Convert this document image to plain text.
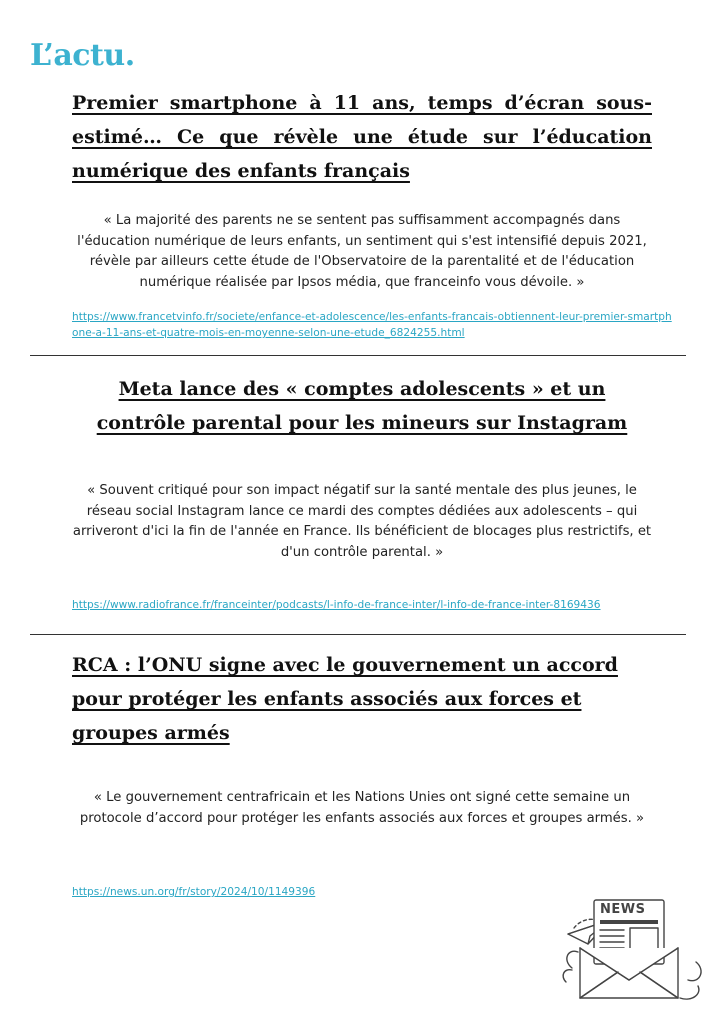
L’actu.
Premier smartphone à 11 ans, temps d’écran sous-estimé… Ce que révèle une étude sur l’éducation numérique des enfants français

« La majorité des parents ne se sentent pas suffisamment accompagnés dans l'éducation numérique de leurs enfants, un sentiment qui s'est intensifié depuis 2021, révèle par ailleurs cette étude de l'Observatoire de la parentalité et de l'éducation numérique réalisée par Ipsos média, que franceinfo vous dévoile. »

https://www.francetvinfo.fr/societe/enfance-et-adolescence/les-enfants-francais-obtiennent-leur-premier-smartphone-a-11-ans-et-quatre-mois-en-moyenne-selon-une-etude_6824255.html
Meta lance des « comptes adolescents » et un contrôle parental pour les mineurs sur Instagram

« Souvent critiqué pour son impact négatif sur la santé mentale des plus jeunes, le réseau social Instagram lance ce mardi des comptes dédiées aux adolescents – qui arriveront d'ici la fin de l'année en France. Ils bénéficient de blocages plus restrictifs, et d'un contrôle parental. »

https://www.radiofrance.fr/franceinter/podcasts/l-info-de-france-inter/l-info-de-france-inter-8169436
RCA : l’ONU signe avec le gouvernement un accord pour protéger les enfants associés aux forces et groupes armés

« Le gouvernement centrafricain et les Nations Unies ont signé cette semaine un protocole d’accord pour protéger les enfants associés aux forces et groupes armés. »

https://news.un.org/fr/story/2024/10/1149396
NEWS
